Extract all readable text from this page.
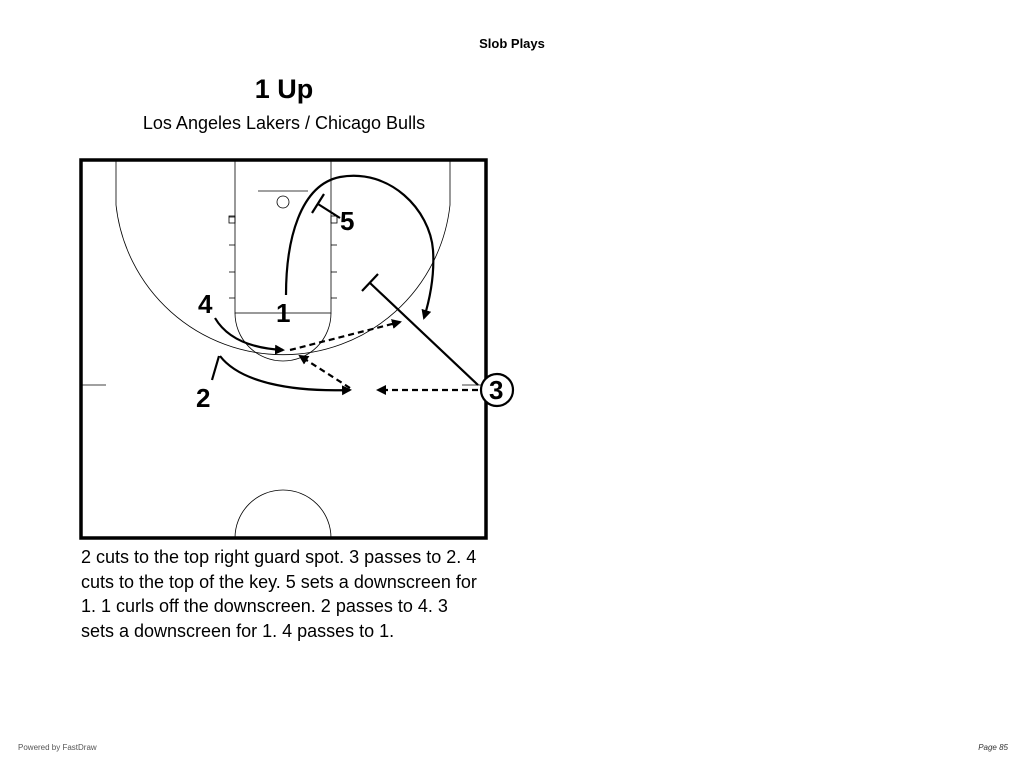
Slob Plays
1 Up
Los Angeles Lakers / Chicago Bulls
1
2	3
4
5
2 cuts to the top right guard spot. 3 passes to 2. 4 cuts to the top of the key. 5 sets a downscreen for 1. 1 curls off the downscreen. 2 passes to 4. 3 sets a downscreen for 1. 4 passes to 1.
Powered by FastDraw	Page 85
